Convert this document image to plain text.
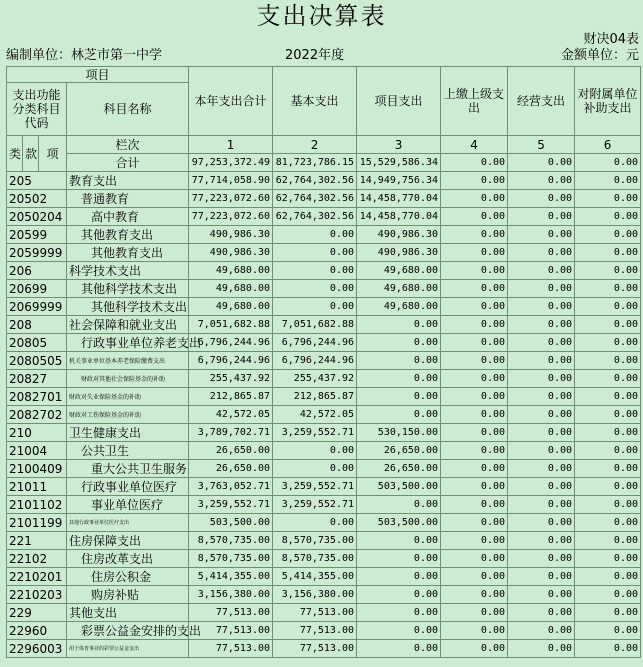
支出决算表
财决04表
编制单位：林芝市第一中学	2022年度	金额单位：元
项目				本年支出合计	基本支出	项目支出	上缴上级支出	经营支出	对附属单位补助支出
支出功能分类科目代码			科目名称						

类	款	项	栏次	1	2	3	4	5	6
			合计	97,253,372.49	81,723,786.15	15,529,586.34	0.00	0.00	0.00
205			教育支出	77,714,058.90	62,764,302.56	14,949,756.34	0.00	0.00	0.00
20502			普通教育	77,223,072.60	62,764,302.56	14,458,770.04	0.00	0.00	0.00
2050204			高中教育	77,223,072.60	62,764,302.56	14,458,770.04	0.00	0.00	0.00
20599			其他教育支出	490,986.30	0.00	490,986.30	0.00	0.00	0.00
2059999			其他教育支出	490,986.30	0.00	490,986.30	0.00	0.00	0.00
206			科学技术支出	49,680.00	0.00	49,680.00	0.00	0.00	0.00
20699			其他科学技术支出	49,680.00	0.00	49,680.00	0.00	0.00	0.00
2069999			其他科学技术支出	49,680.00	0.00	49,680.00	0.00	0.00	0.00
208			社会保障和就业支出	7,051,682.88	7,051,682.88	0.00	0.00	0.00	0.00
20805			行政事业单位养老支出	6,796,244.96	6,796,244.96	0.00	0.00	0.00	0.00
2080505			机关事业单位基本养老保险缴费支出	6,796,244.96	6,796,244.96	0.00	0.00	0.00	0.00
20827			财政对其他社会保险基金的补助	255,437.92	255,437.92	0.00	0.00	0.00	0.00
2082701			财政对失业保险基金的补助	212,865.87	212,865.87	0.00	0.00	0.00	0.00
2082702			财政对工伤保险基金的补助	42,572.05	42,572.05	0.00	0.00	0.00	0.00
210			卫生健康支出	3,789,702.71	3,259,552.71	530,150.00	0.00	0.00	0.00
21004			公共卫生	26,650.00	0.00	26,650.00	0.00	0.00	0.00
2100409			重大公共卫生服务	26,650.00	0.00	26,650.00	0.00	0.00	0.00
21011			行政事业单位医疗	3,763,052.71	3,259,552.71	503,500.00	0.00	0.00	0.00
2101102			事业单位医疗	3,259,552.71	3,259,552.71	0.00	0.00	0.00	0.00
2101199			其他行政事业单位医疗支出	503,500.00	0.00	503,500.00	0.00	0.00	0.00
221			住房保障支出	8,570,735.00	8,570,735.00	0.00	0.00	0.00	0.00
22102			住房改革支出	8,570,735.00	8,570,735.00	0.00	0.00	0.00	0.00
2210201			住房公积金	5,414,355.00	5,414,355.00	0.00	0.00	0.00	0.00
2210203			购房补贴	3,156,380.00	3,156,380.00	0.00	0.00	0.00	0.00
229			其他支出	77,513.00	77,513.00	0.00	0.00	0.00	0.00
22960			彩票公益金安排的支出	77,513.00	77,513.00	0.00	0.00	0.00	0.00
2296003			用于体育事业的彩票公益金支出	77,513.00	77,513.00	0.00	0.00	0.00	0.00
